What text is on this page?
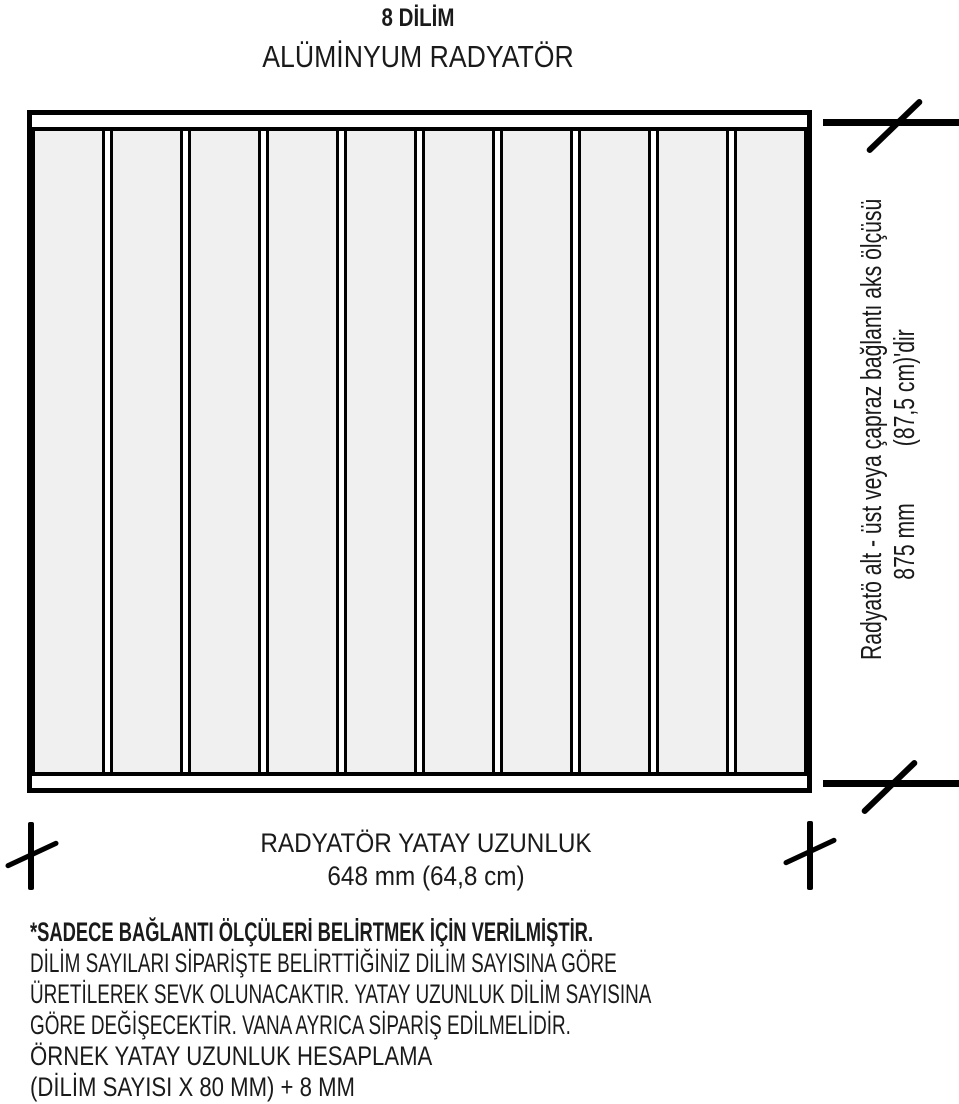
8 DİLİM
ALÜMİNYUM RADYATÖR
Radyatö alt - üst veya çapraz bağlantı aks ölçüsü 875 mm (87,5 cm)'dir
RADYATÖR YATAY UZUNLUK
648 mm (64,8 cm)
*SADECE BAĞLANTI ÖLÇÜLERİ BELİRTMEK İÇİN VERİLMİŞTİR.
DİLİM SAYILARI SİPARİŞTE BELİRTTİĞİNİZ DİLİM SAYISINA GÖRE
ÜRETİLEREK SEVK OLUNACAKTIR. YATAY UZUNLUK DİLİM SAYISINA
GÖRE DEĞİŞECEKTİR. VANA AYRICA SİPARİŞ EDİLMELİDİR.
ÖRNEK YATAY UZUNLUK HESAPLAMA
(DİLİM SAYISI X 80 MM) + 8 MM
